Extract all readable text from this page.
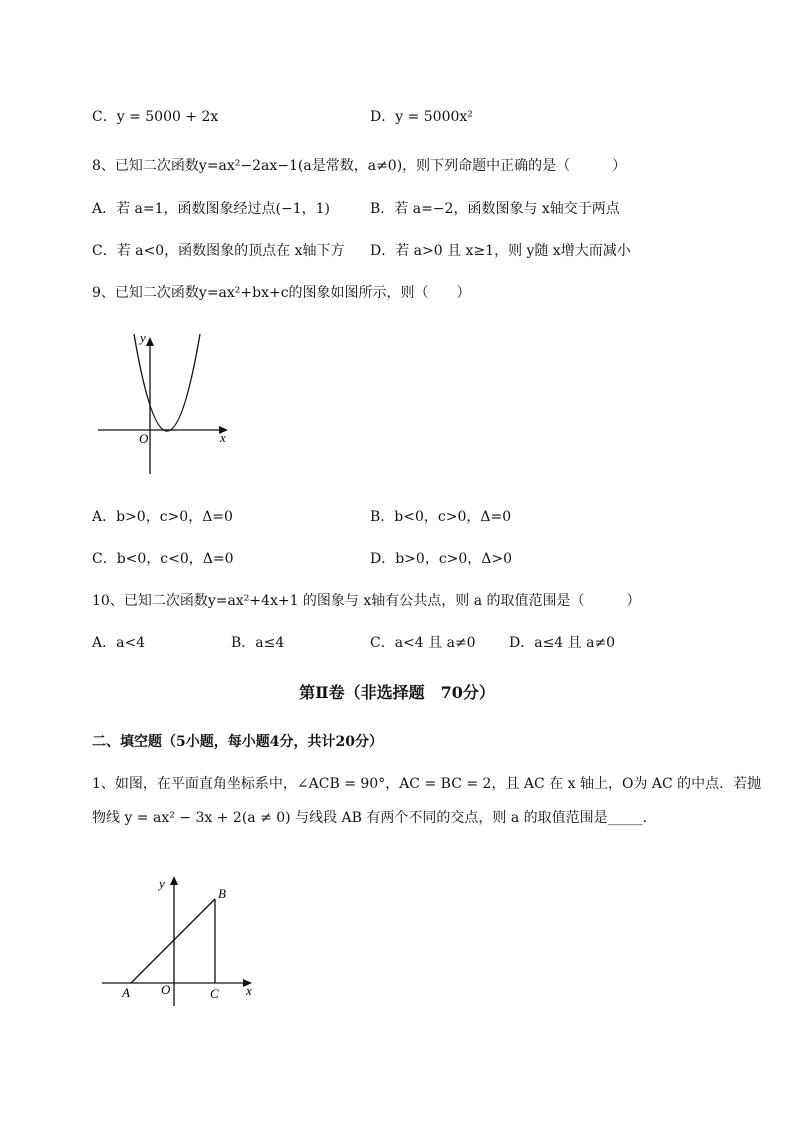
C．y = 5000 + 2x	D．y = 5000x²
8、已知二次函数y=ax²−2ax−1(a是常数，a≠0)，则下列命题中正确的是（　　　）
A．若 a=1，函数图象经过点(−1，1)	B．若 a=−2，函数图象与 x轴交于两点
C．若 a<0，函数图象的顶点在 x轴下方 D．若 a>0 且 x≥1，则 y随 x增大而减小
9、已知二次函数y=ax²+bx+c的图象如图所示，则（　　）
y
x
O
A．b>0，c>0，Δ=0	B．b<0，c>0，Δ=0
C．b<0，c<0，Δ=0	D．b>0，c>0，Δ>0
10、已知二次函数y=ax²+4x+1 的图象与 x轴有公共点，则 a 的取值范围是（　　　）
A．a<4	B．a≤4	C．a<4 且 a≠0 D．a≤4 且 a≠0
第Ⅱ卷（非选择题　70分）
二、填空题（5小题，每小题4分，共计20分）
1、如图，在平面直角坐标系中，∠ACB = 90°，AC = BC = 2，且 AC 在 x 轴上，O为 AC 的中点．若抛
物线 y = ax² − 3x + 2(a ≠ 0) 与线段 AB 有两个不同的交点，则 a 的取值范围是_____．
y
B
A O	C x
